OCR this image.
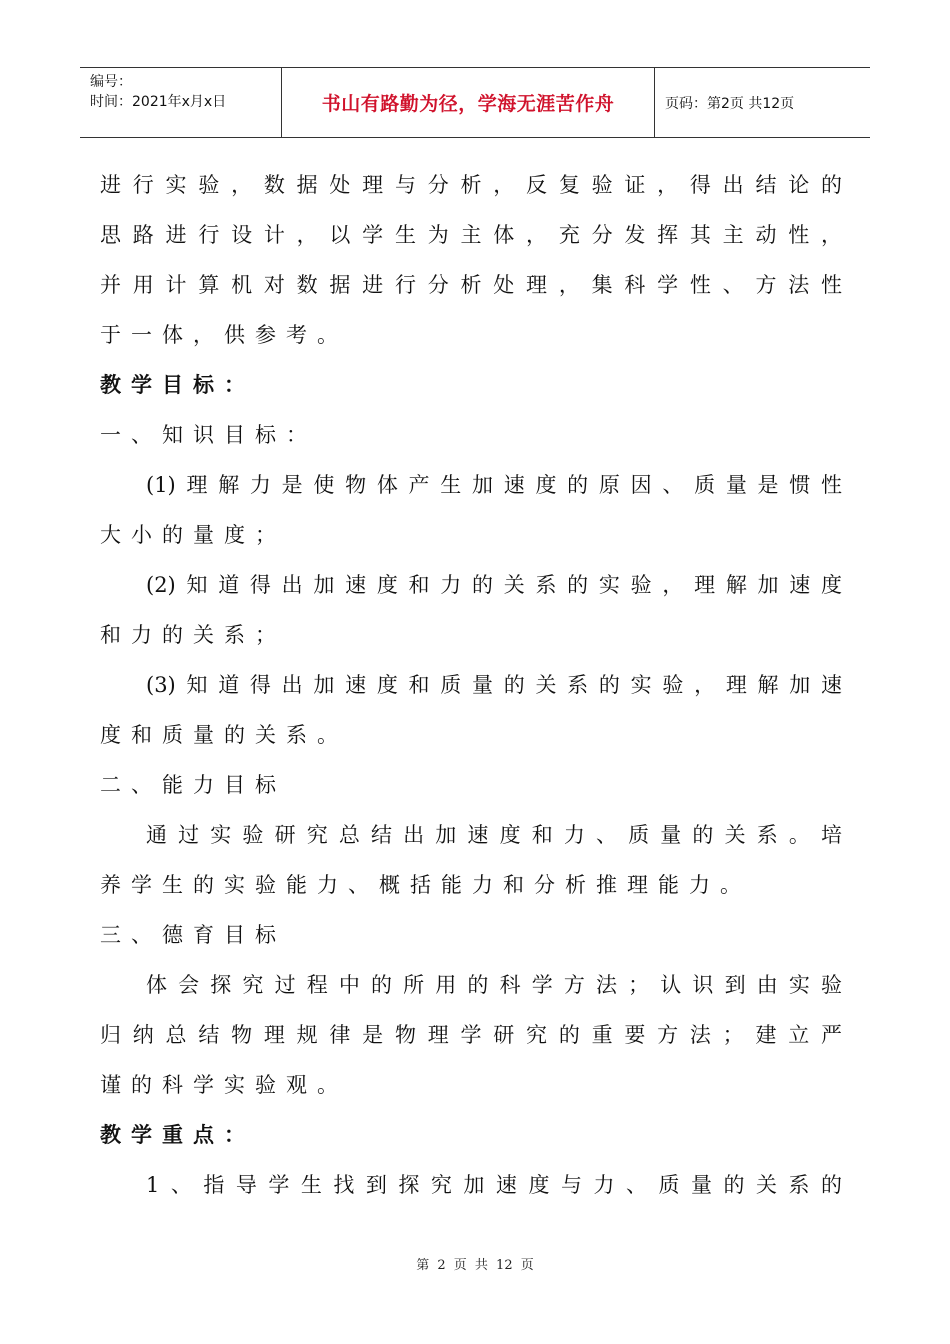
编号：
时间：2021年x月x日	书山有路勤为径，学海无涯苦作舟	页码：第2页 共12页
进行实验，数据处理与分析，反复验证，得出结论的
思路进行设计，以学生为主体，充分发挥其主动性，
并用计算机对数据进行分析处理，集科学性、方法性
于一体，供参考。
教学目标：
一、知识目标：
(1)理解力是使物体产生加速度的原因、质量是惯性
大小的量度；
(2)知道得出加速度和力的关系的实验，理解加速度
和力的关系；
(3)知道得出加速度和质量的关系的实验，理解加速
度和质量的关系。
二、能力目标
通过实验研究总结出加速度和力、质量的关系。培
养学生的实验能力、概括能力和分析推理能力。
三、德育目标
体会探究过程中的所用的科学方法；认识到由实验
归纳总结物理规律是物理学研究的重要方法；建立严
谨的科学实验观。
教学重点：
1、指导学生找到探究加速度与力、质量的关系的
第 2 页 共 12 页
